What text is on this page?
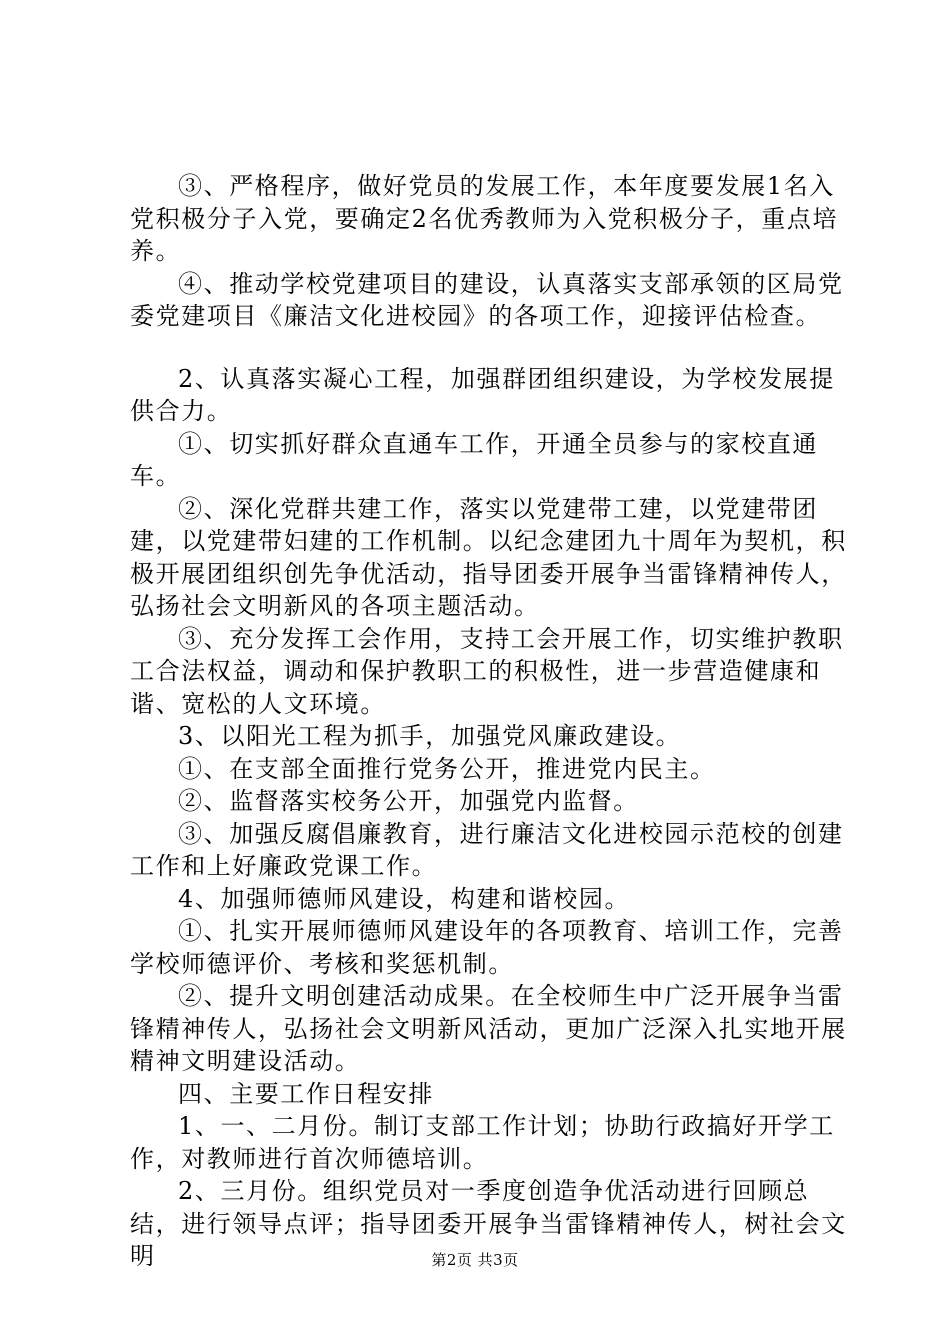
③、严格程序，做好党员的发展工作，本年度要发展1名入党积极分子入党，要确定2名优秀教师为入党积极分子，重点培养。

④、推动学校党建项目的建设，认真落实支部承领的区局党委党建项目《廉洁文化进校园》的各项工作，迎接评估检查。

2、认真落实凝心工程，加强群团组织建设，为学校发展提供合力。

①、切实抓好群众直通车工作，开通全员参与的家校直通车。

②、深化党群共建工作，落实以党建带工建，以党建带团建，以党建带妇建的工作机制。以纪念建团九十周年为契机，积极开展团组织创先争优活动，指导团委开展争当雷锋精神传人，弘扬社会文明新风的各项主题活动。

③、充分发挥工会作用，支持工会开展工作，切实维护教职工合法权益，调动和保护教职工的积极性，进一步营造健康和谐、宽松的人文环境。

3、以阳光工程为抓手，加强党风廉政建设。

①、在支部全面推行党务公开，推进党内民主。

②、监督落实校务公开，加强党内监督。

③、加强反腐倡廉教育，进行廉洁文化进校园示范校的创建工作和上好廉政党课工作。

4、加强师德师风建设，构建和谐校园。

①、扎实开展师德师风建设年的各项教育、培训工作，完善学校师德评价、考核和奖惩机制。

②、提升文明创建活动成果。在全校师生中广泛开展争当雷锋精神传人，弘扬社会文明新风活动，更加广泛深入扎实地开展精神文明建设活动。

四、主要工作日程安排

1、一、二月份。制订支部工作计划；协助行政搞好开学工作，对教师进行首次师德培训。

2、三月份。组织党员对一季度创造争优活动进行回顾总结，进行领导点评；指导团委开展争当雷锋精神传人，树社会文明	第2页 共3页
